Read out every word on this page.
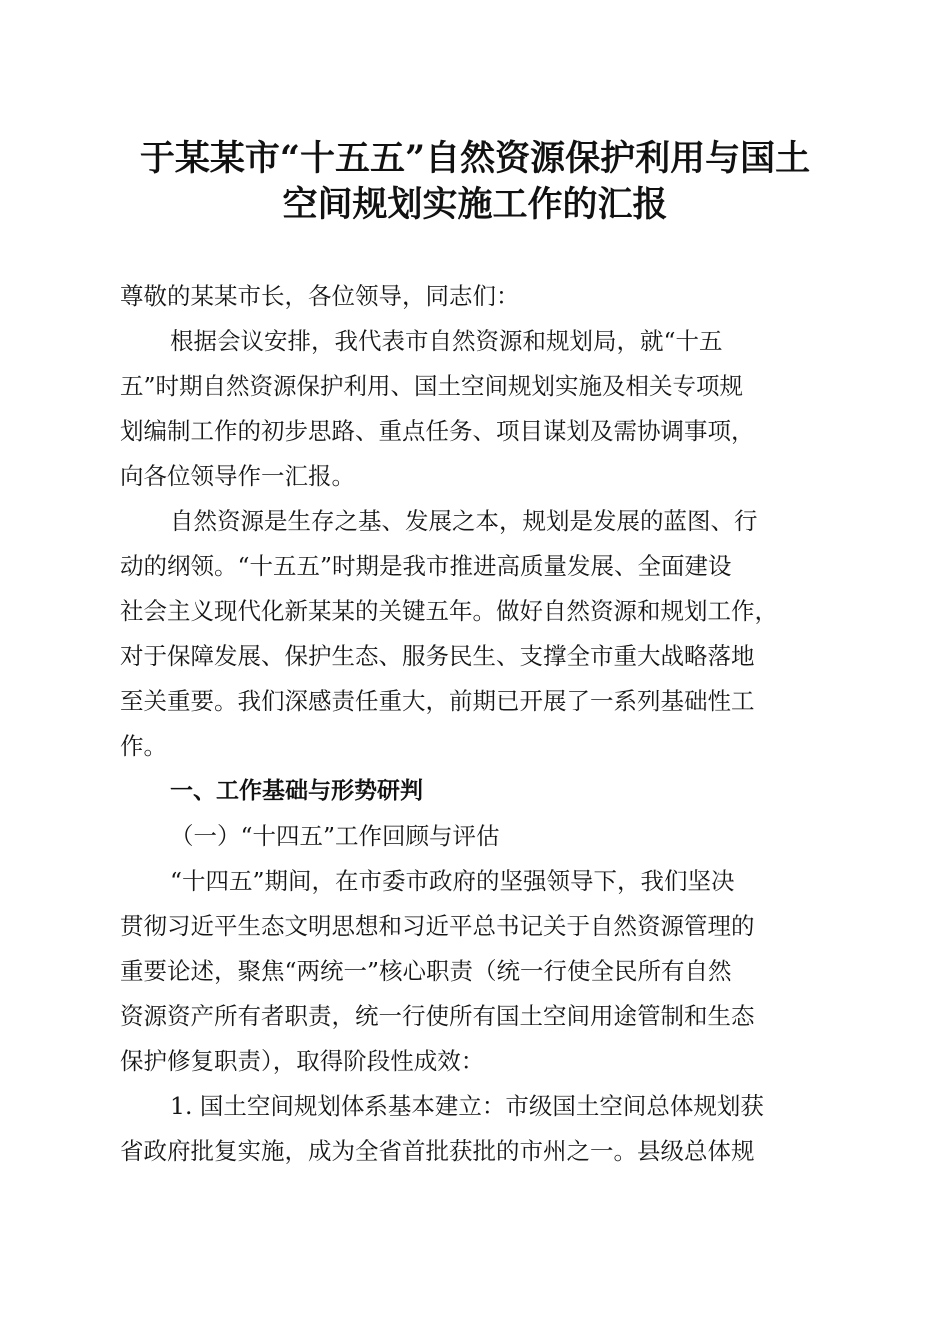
于某某市“十五五”自然资源保护利用与国土
空间规划实施工作的汇报
尊敬的某某市长，各位领导，同志们：
根据会议安排，我代表市自然资源和规划局，就“十五
五”时期自然资源保护利用、国土空间规划实施及相关专项规
划编制工作的初步思路、重点任务、项目谋划及需协调事项，
向各位领导作一汇报。
自然资源是生存之基、发展之本，规划是发展的蓝图、行
动的纲领。“十五五”时期是我市推进高质量发展、全面建设
社会主义现代化新某某的关键五年。做好自然资源和规划工作，
对于保障发展、保护生态、服务民生、支撑全市重大战略落地
至关重要。我们深感责任重大，前期已开展了一系列基础性工
作。
一、工作基础与形势研判
（一）“十四五”工作回顾与评估
“十四五”期间，在市委市政府的坚强领导下，我们坚决
贯彻习近平生态文明思想和习近平总书记关于自然资源管理的
重要论述，聚焦“两统一”核心职责（统一行使全民所有自然
资源资产所有者职责，统一行使所有国土空间用途管制和生态
保护修复职责），取得阶段性成效：
1. 国土空间规划体系基本建立：市级国土空间总体规划获
省政府批复实施，成为全省首批获批的市州之一。县级总体规
